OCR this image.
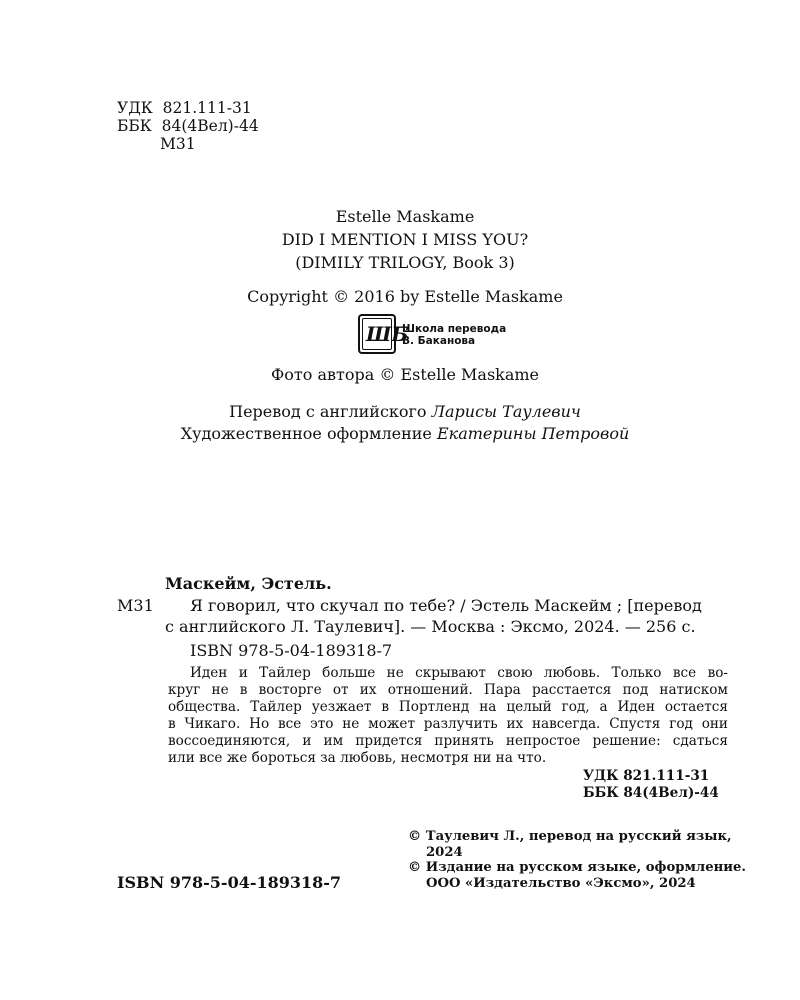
УДК 821.111-31
ББК 84(4Вел)-44
М31
Estelle Maskame
DID I MENTION I MISS YOU?
(DIMILY TRILOGY, Book 3)
Copyright © 2016 by Estelle Maskame
ШБ
Школа перевода
В. Баканова
Фото автора © Estelle Maskame
Перевод с английского Ларисы Таулевич
Художественное оформление Екатерины Петровой
Маскейм, Эстель.
М31 Я говорил, что скучал по тебе? / Эстель Маскейм ; [перевод
с английского Л. Таулевич]. — Москва : Эксмо, 2024. — 256 с.
ISBN 978-5-04-189318-7
Иден и Тайлер больше не скрывают свою любовь. Только все во-
круг не в восторге от их отношений. Пара расстается под натиском
общества. Тайлер уезжает в Портленд на целый год, а Иден остается
в Чикаго. Но все это не может разлучить их навсегда. Спустя год они
воссоединяются, и им придется принять непростое решение: сдаться
или все же бороться за любовь, несмотря ни на что.
УДК 821.111-31
ББК 84(4Вел)-44
ISBN 978-5-04-189318-7
© Таулевич Л., перевод на русский язык,
2024
© Издание на русском языке, оформление.
ООО «Издательство «Эксмо», 2024
